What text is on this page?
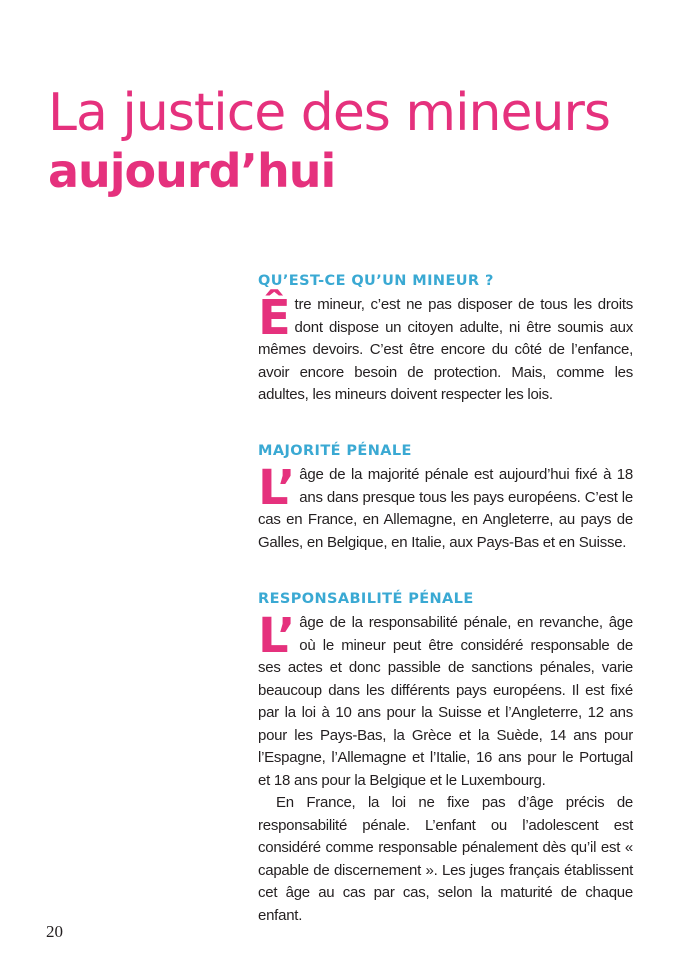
La justice des mineurs
aujourd’hui
QU’EST-CE QU’UN MINEUR ?

Être mineur, c’est ne pas disposer de tous les droits dont dispose un citoyen adulte, ni être soumis aux mêmes devoirs. C’est être encore du côté de l’enfance, avoir encore besoin de protection. Mais, comme les adultes, les mineurs doivent respecter les lois.

MAJORITÉ PÉNALE

L’ âge de la majorité pénale est aujourd’hui fixé à 18 ans dans presque tous les pays européens. C’est le cas en France, en Allemagne, en Angleterre, au pays de Galles, en Belgique, en Italie, aux Pays-Bas et en Suisse.

RESPONSABILITÉ PÉNALE

L’ âge de la responsabilité pénale, en revanche, âge où le mineur peut être considéré responsable de ses actes et donc passible de sanctions pénales, varie beaucoup dans les différents pays européens. Il est fixé par la loi à 10 ans pour la Suisse et l’Angleterre, 12 ans pour les Pays-Bas, la Grèce et la Suède, 14 ans pour l’Espagne, l’Allemagne et l’Italie, 16 ans pour le Portugal et 18 ans pour la Belgique et le Luxembourg.

En France, la loi ne fixe pas d’âge précis de responsabilité pénale. L’enfant ou l’adolescent est considéré comme responsable pénalement dès qu’il est « capable de discernement ». Les juges français établissent cet âge au cas par cas, selon la maturité de chaque enfant.

20
